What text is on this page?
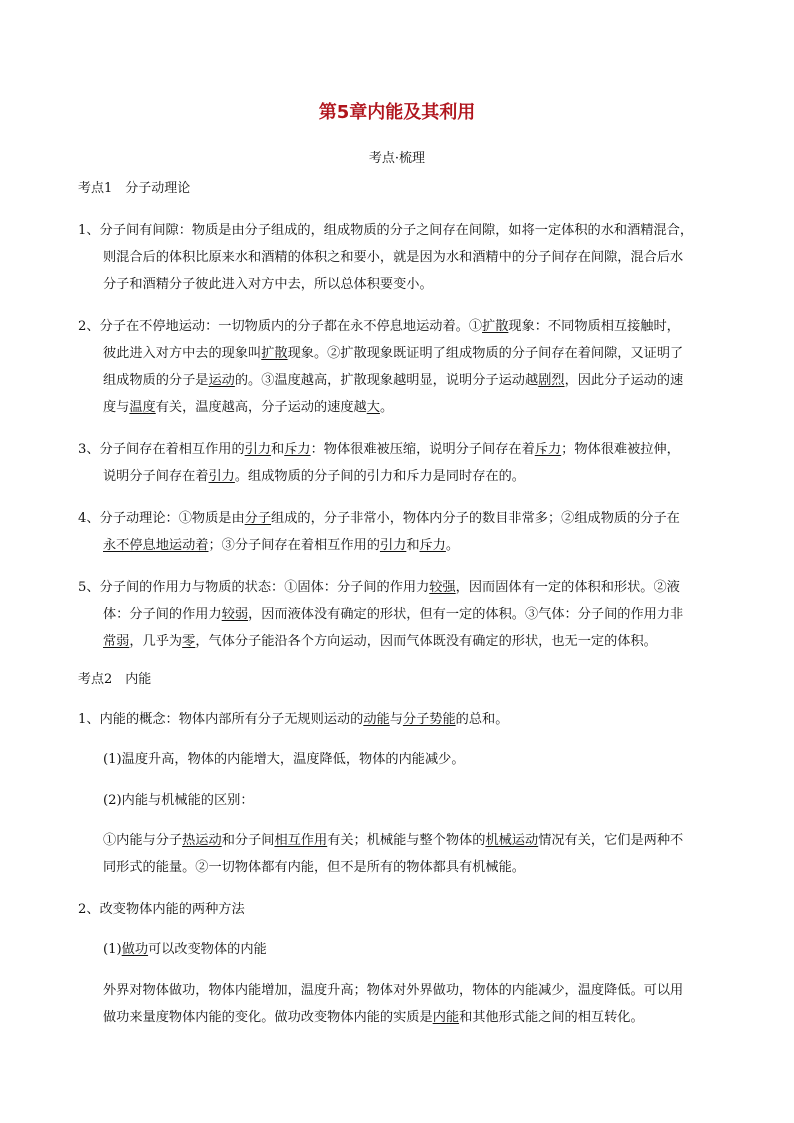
第5章内能及其利用
考点·梳理
考点1　分子动理论
1、分子间有间隙：物质是由分子组成的，组成物质的分子之间存在间隙，如将一定体积的水和酒精混合，
则混合后的体积比原来水和酒精的体积之和要小，就是因为水和酒精中的分子间存在间隙，混合后水
分子和酒精分子彼此进入对方中去，所以总体积要变小。
2、分子在不停地运动：一切物质内的分子都在永不停息地运动着。①扩散现象：不同物质相互接触时，
彼此进入对方中去的现象叫扩散现象。②扩散现象既证明了组成物质的分子间存在着间隙，又证明了
组成物质的分子是运动的。③温度越高，扩散现象越明显，说明分子运动越剧烈，因此分子运动的速
度与温度有关，温度越高，分子运动的速度越大。
3、分子间存在着相互作用的引力和斥力：物体很难被压缩，说明分子间存在着斥力；物体很难被拉伸，
说明分子间存在着引力。组成物质的分子间的引力和斥力是同时存在的。
4、分子动理论：①物质是由分子组成的，分子非常小，物体内分子的数目非常多；②组成物质的分子在
永不停息地运动着；③分子间存在着相互作用的引力和斥力。
5、分子间的作用力与物质的状态：①固体：分子间的作用力较强，因而固体有一定的体积和形状。②液
体：分子间的作用力较弱，因而液体没有确定的形状，但有一定的体积。③气体：分子间的作用力非
常弱，几乎为零，气体分子能沿各个方向运动，因而气体既没有确定的形状，也无一定的体积。
考点2　内能
1、内能的概念：物体内部所有分子无规则运动的动能与分子势能的总和。
(1)温度升高，物体的内能增大，温度降低，物体的内能减少。
(2)内能与机械能的区别：
①内能与分子热运动和分子间相互作用有关；机械能与整个物体的机械运动情况有关，它们是两种不
同形式的能量。②一切物体都有内能，但不是所有的物体都具有机械能。
2、改变物体内能的两种方法
(1)做功可以改变物体的内能
外界对物体做功，物体内能增加，温度升高；物体对外界做功，物体的内能减少，温度降低。可以用
做功来量度物体内能的变化。做功改变物体内能的实质是内能和其他形式能之间的相互转化。
